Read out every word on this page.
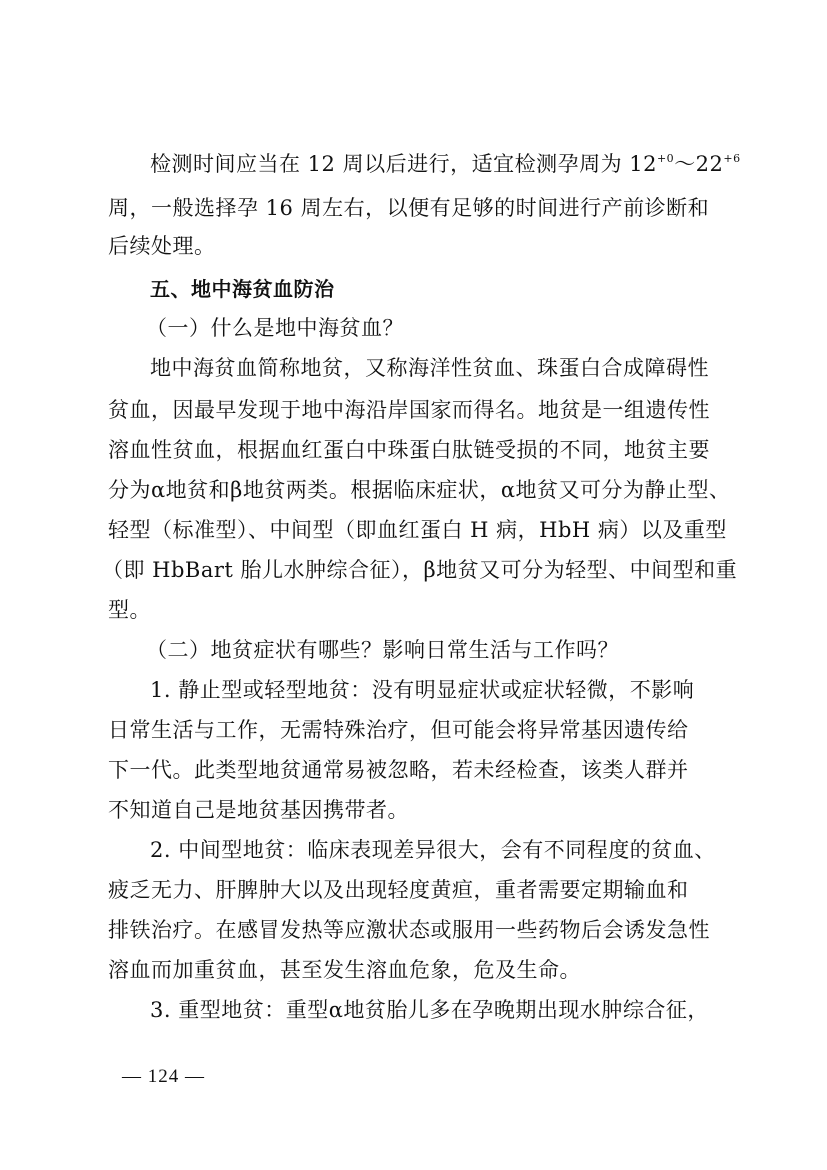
检测时间应当在 12 周以后进行，适宜检测孕周为 $12^{+0}\sim 22^{+6}$
周，一般选择孕 16 周左右，以便有足够的时间进行产前诊断和
后续处理。
五、地中海贫血防治
（一）什么是地中海贫血？
地中海贫血简称地贫，又称海洋性贫血、珠蛋白合成障碍性
贫血，因最早发现于地中海沿岸国家而得名。地贫是一组遗传性
溶血性贫血，根据血红蛋白中珠蛋白肽链受损的不同，地贫主要
分为α地贫和β地贫两类。根据临床症状，α地贫又可分为静止型、
轻型（标准型）、中间型（即血红蛋白 H 病，HbH 病）以及重型
（即 HbBart 胎儿水肿综合征），β地贫又可分为轻型、中间型和重
型。
（二）地贫症状有哪些？影响日常生活与工作吗？
1. 静止型或轻型地贫：没有明显症状或症状轻微，不影响
日常生活与工作，无需特殊治疗，但可能会将异常基因遗传给
下一代。此类型地贫通常易被忽略，若未经检查，该类人群并
不知道自己是地贫基因携带者。
2. 中间型地贫：临床表现差异很大，会有不同程度的贫血、
疲乏无力、肝脾肿大以及出现轻度黄疸，重者需要定期输血和
排铁治疗。在感冒发热等应激状态或服用一些药物后会诱发急性
溶血而加重贫血，甚至发生溶血危象，危及生命。
3. 重型地贫：重型α地贫胎儿多在孕晚期出现水肿综合征，
— 124 —
